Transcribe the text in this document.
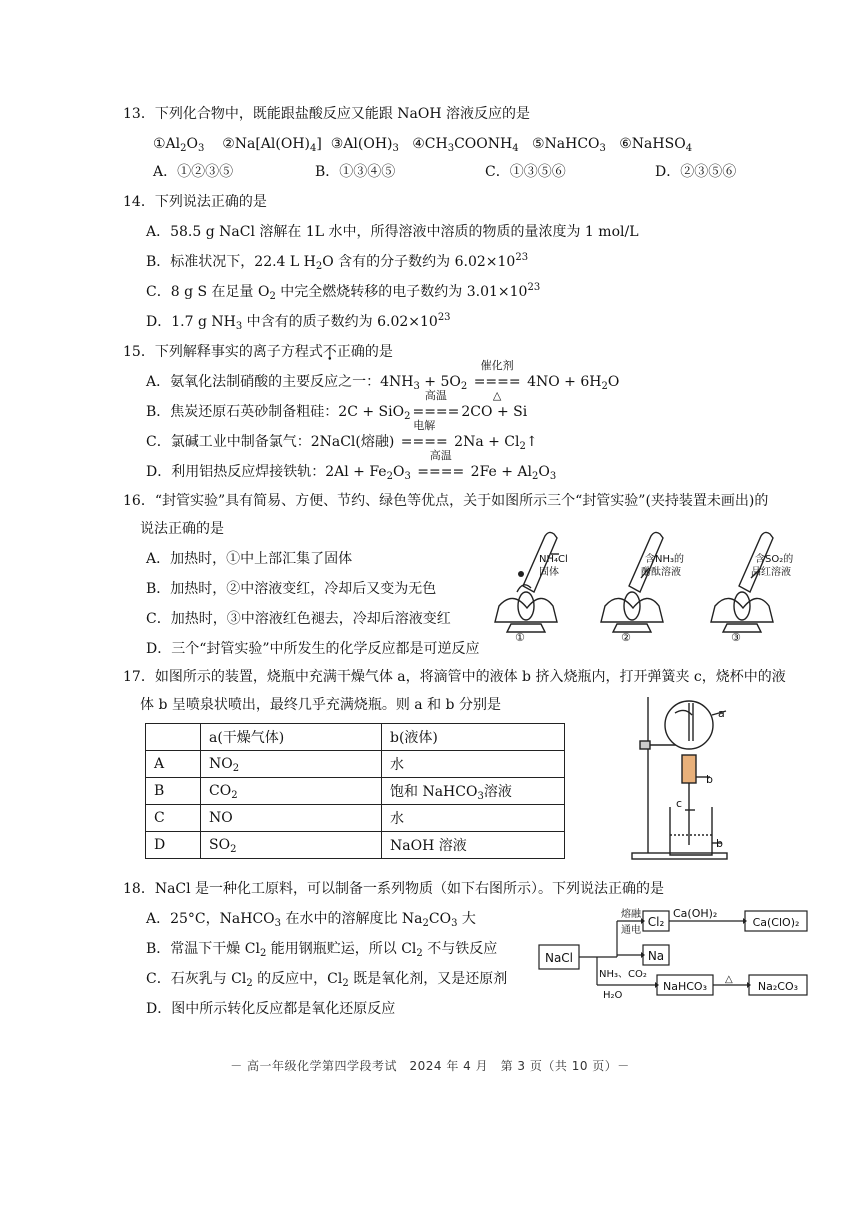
13．下列化合物中，既能跟盐酸反应又能跟 NaOH 溶液反应的是
$①Al_2O_3$ $②Na[Al(OH)_4]$ $③Al(OH)_3$ $④CH_3COONH_4$ ⑤NaHCO$_3$ ⑥NaHSO$_4$
A．①②③⑤	B．①③④⑤	C．①③⑤⑥	D．②③⑤⑥
14．下列说法正确的是
A．58.5 g NaCl 溶解在 1L 水中，所得溶液中溶质的物质的量浓度为 1 mol/L
B．标准状况下，22.4 L $H_2O$ 含有的分子数约为 $6.02\times 10^{23}$
C．8 g S 在足量 $O_2$ 中完全燃烧转移的电子数约为 $3.01\times 10^{23}$
D．1.7 g $NH_3$ 中含有的质子数约为 $6.02\times 10^{23}$
15．下列解释事实的离子方程式不正确的是
A．氨氧化法制硝酸的主要反应之一：$4NH_3 + 5O_2$
催化剂
====
△
$4NO + 6H_2O$
B．焦炭还原石英砂制备粗硅：2C + SiO$_2$
高温
==== 2CO + Si
C．氯碱工业中制备氯气：2NaCl(熔融)
电解
==== $2Na + Cl_2↑$
D．利用铝热反应焊接铁轨：$2Al + Fe_2O_3$
高温
==== $2Fe + Al_2O_3$
16．“封管实验”具有简易、方便、节约、绿色等优点，关于如图所示三个“封管实验”(夹持装置未画出)的
说法正确的是
A．加热时，①中上部汇集了固体
B．加热时，②中溶液变红，冷却后又变为无色
C．加热时，③中溶液红色褪去，冷却后溶液变红
D．三个“封管实验”中所发生的化学反应都是可逆反应
NH₄Cl
固体
含NH₃的
酚酞溶液
含SO₂的
品红溶液
①	②	③
17．如图所示的装置，烧瓶中充满干燥气体 a，将滴管中的液体 b 挤入烧瓶内，打开弹簧夹 c，烧杯中的液
体 b 呈喷泉状喷出，最终几乎充满烧瓶。则 a 和 b 分别是
	a(干燥气体)	b(液体)
A	$NO_2$	水
B	$CO_2$	饱和 NaHCO$_3$溶液
C	NO	水
D	$SO_2$	NaOH 溶液
a
b
c
b
18．NaCl 是一种化工原料，可以制备一系列物质（如下右图所示）。下列说法正确的是
A．25°C，NaHCO$_3$ 在水中的溶解度比 $Na_2CO_3$ 大
B．常温下干燥 $Cl_2$ 能用钢瓶贮运，所以 $Cl_2$ 不与铁反应
C．石灰乳与 $Cl_2$ 的反应中，$Cl_2$ 既是氧化剂，又是还原剂
D．图中所示转化反应都是氧化还原反应
NaCl
熔融
通电
Cl₂
Ca(OH)₂
Ca(ClO)₂
Na
NH₃、CO₂
H₂O
NaHCO₃
△
Na₂CO₃
－ 高一年级化学第四学段考试　2024 年 4 月　第 3 页（共 10 页）－
